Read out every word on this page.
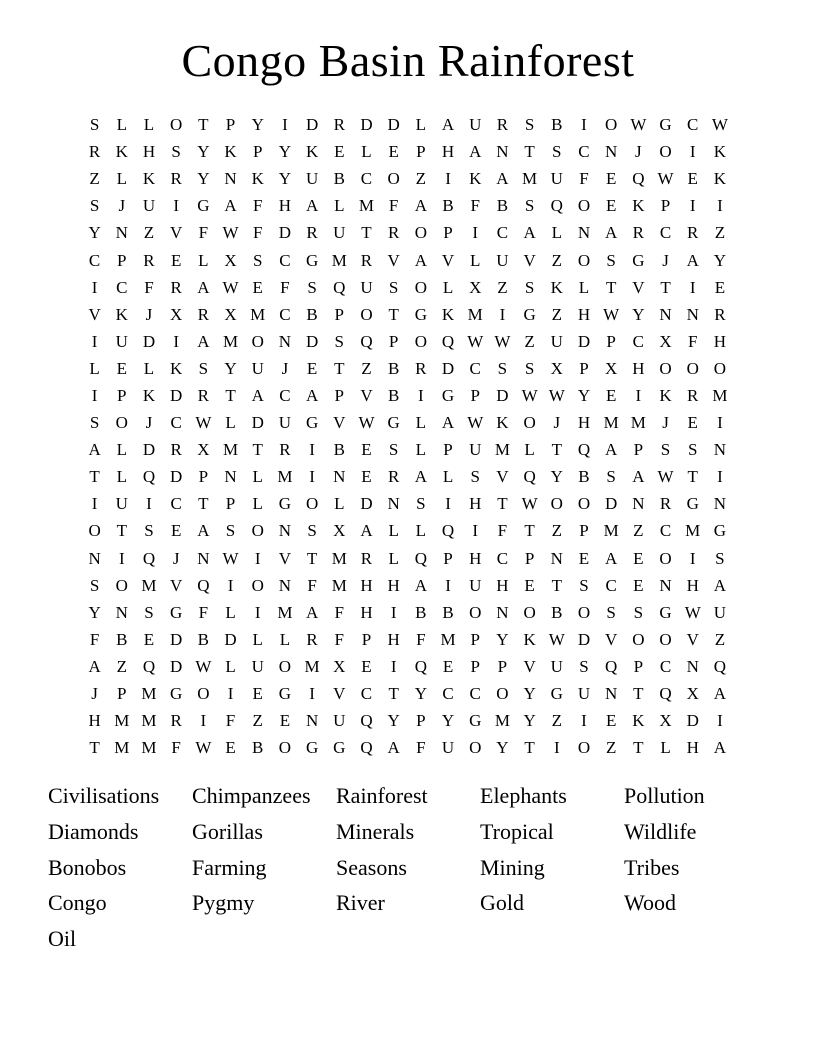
Congo Basin Rainforest
S	L L O T	P Y	I	D R D D L A U R S B	I	O W G C W
R K H S Y K P Y K E L E	P H A N T	S C N	J	O	I	K
Z L K R Y N K Y U B C O Z	I	K A M U F	E Q W E K
S	J	U	I	G A F H A L M F A B F B S Q O E K P	I	I
Y N Z V F W F D R U T R O P	I	C A L N A R C R Z
C P R E L X S C G M R V A V L U V Z O S G	J	A Y
I	C F R A W E	F	S Q U S O L X Z	S K L T V T	I	E
V K	J	X R X M C B P O T G K M I	G Z H W Y N N R
I	U D	I	A M O N D S Q P O Q W W Z U D P C X F H
L E L K S Y U	J	E T Z B R D C S	S X P X H O O O
I	P K D R T A C A P V B	I	G P D W W Y E	I	K R M
S O	J	C W L D U G V W G L A W K O	J	H M M J	E	I
A L D R X M T R	I	B E	S	L	P U M L T Q A P	S	S N
T L Q D P N L M I	N E R A L	S V Q Y B S A W T	I
I	U	I	C T	P	L G O L D N S	I	H T W O O D N R G N
O T	S	E A S O N S X A L L Q	I	F	T Z	P M Z C M G
N	I	Q	J	N W I	V T M R L Q P H C P N E A E O	I	S
S O M V Q	I	O N F M H H A	I	U H E T	S C E N H A
Y N S G F	L	I M A F H	I	B B O N O B O S	S G W U
F B E D B D L L R F	P H F M P Y K W D V O O V Z
A Z Q D W L U O M X E	I	Q E	P	P V U S Q P C N Q
J	P M G O	I	E G	I	V C T Y C C O Y G U N T Q X A
H M M R	I	F	Z E N U Q Y P Y G M Y Z	I	E K X D	I
T M M F W E B O G G Q A F U O Y T	I	O Z T L H A
Civilisations	Chimpanzees	Rainforest	Elephants	Pollution
Diamonds	Gorillas	Minerals	Tropical	Wildlife
Bonobos	Farming	Seasons	Mining	Tribes
Congo	Pygmy	River	Gold	Wood
Oil
